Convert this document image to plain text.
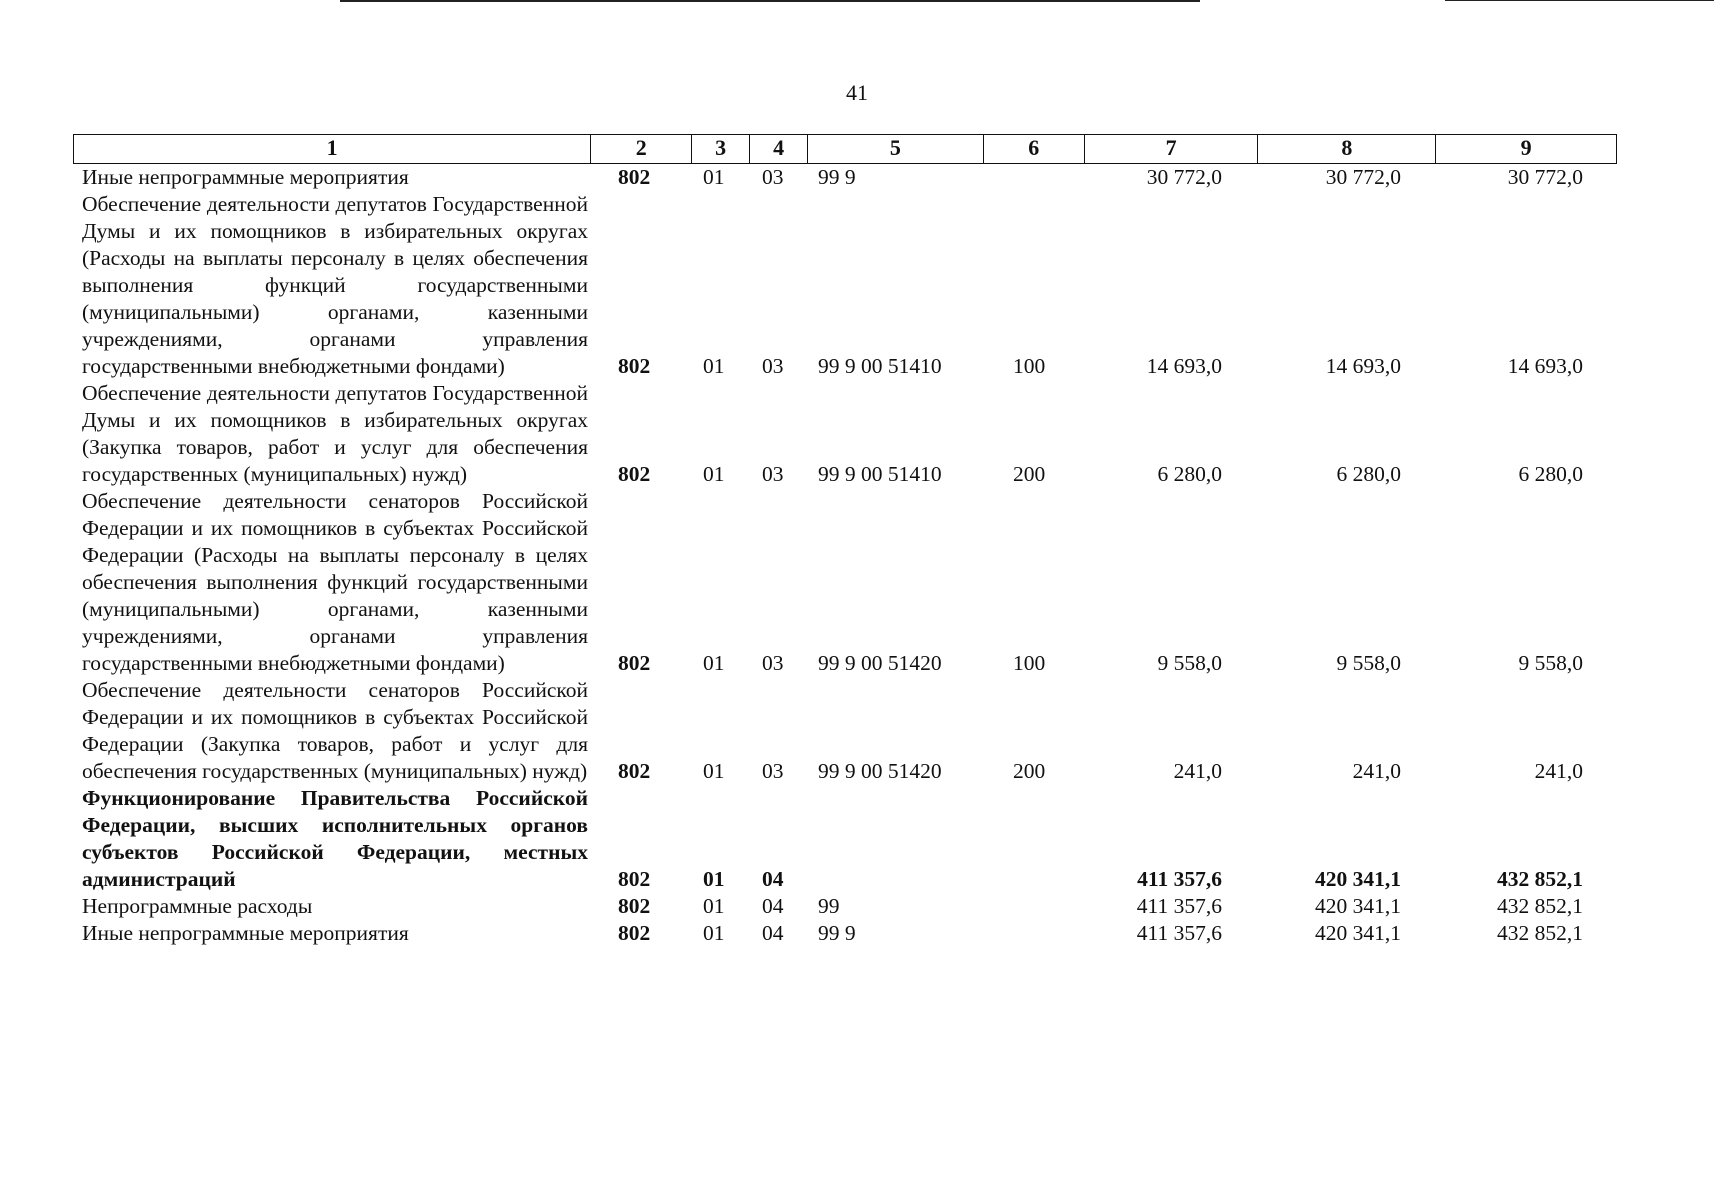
41
1	2	3	4	5	6	7	8	9
Иные непрограммные мероприятия	802 01 03 99 9	30 772,0	30 772,0	30 772,0
Обеспечение деятельности депутатов Государственной Думы и их помощников в избирательных округах (Расходы на выплаты персоналу в целях обеспечения выполнения функций государственными (муниципальными) органами, казенными учреждениями, органами управления государственными внебюджетными фондами)	802 01 03 99 9 00 51410	100	14 693,0	14 693,0	14 693,0
Обеспечение деятельности депутатов Государственной Думы и их помощников в избирательных округах (Закупка товаров, работ и услуг для обеспечения государственных (муниципальных) нужд)	802 01 03 99 9 00 51410	200	6 280,0	6 280,0	6 280,0
Обеспечение деятельности сенаторов Российской Федерации и их помощников в субъектах Российской Федерации (Расходы на выплаты персоналу в целях обеспечения выполнения функций государственными (муниципальными) органами, казенными учреждениями, органами управления государственными внебюджетными фондами)	802 01 03 99 9 00 51420	100	9 558,0	9 558,0	9 558,0
Обеспечение деятельности сенаторов Российской Федерации и их помощников в субъектах Российской Федерации (Закупка товаров, работ и услуг для обеспечения государственных (муниципальных) нужд) 802 01 03 99 9 00 51420	200	241,0	241,0	241,0
Функционирование Правительства Российской Федерации, высших исполнительных органов субъектов Российской Федерации, местных администраций	802 01 04	411 357,6	420 341,1	432 852,1
Непрограммные расходы	802 01 04 99	411 357,6	420 341,1	432 852,1
Иные непрограммные мероприятия	802 01 04 99 9	411 357,6	420 341,1	432 852,1
